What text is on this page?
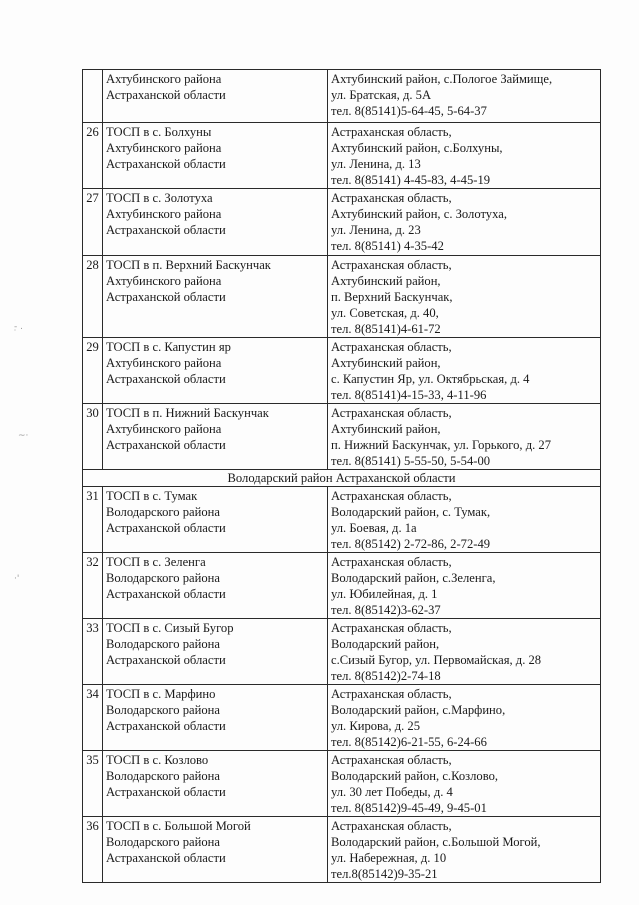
-̣ .
~·
·'

	Ахтубинского района
Астраханской области	Ахтубинский район, с.Пологое Займище,
ул. Братская, д. 5А
тел. 8(85141)5-64-45, 5-64-37

26	ТОСП в с. Болхуны
Ахтубинского района
Астраханской области	Астраханская область,
Ахтубинский район, с.Болхуны,
ул. Ленина, д. 13
тел. 8(85141) 4-45-83, 4-45-19

27	ТОСП в с. Золотуха
Ахтубинского района
Астраханской области	Астраханская область,
Ахтубинский район, с. Золотуха,
ул. Ленина, д. 23
тел. 8(85141) 4-35-42

28	ТОСП в п. Верхний Баскунчак
Ахтубинского района
Астраханской области	Астраханская область,
Ахтубинский район,
п. Верхний Баскунчак,
ул. Советская, д. 40,
тел. 8(85141)4-61-72

29	ТОСП в с. Капустин яр
Ахтубинского района
Астраханской области	Астраханская область,
Ахтубинский район,
с. Капустин Яр, ул. Октябрьская, д. 4
тел. 8(85141)4-15-33, 4-11-96

30	ТОСП в п. Нижний Баскунчак
Ахтубинского района
Астраханской области	Астраханская область,
Ахтубинский район,
п. Нижний Баскунчак, ул. Горького, д. 27
тел. 8(85141) 5-55-50, 5-54-00

Володарский район Астраханской области		
31	ТОСП в с. Тумак
Володарского района
Астраханской области	Астраханская область,
Володарский район, с. Тумак,
ул. Боевая, д. 1а
тел. 8(85142) 2-72-86, 2-72-49

32	ТОСП в с. Зеленга
Володарского района
Астраханской области	Астраханская область,
Володарский район, с.Зеленга,
ул. Юбилейная, д. 1
тел. 8(85142)3-62-37

33	ТОСП в с. Сизый Бугор
Володарского района
Астраханской области	Астраханская область,
Володарский район,
с.Сизый Бугор, ул. Первомайская, д. 28
тел. 8(85142)2-74-18

34	ТОСП в с. Марфино
Володарского района
Астраханской области	Астраханская область,
Володарский район, с.Марфино,
ул. Кирова, д. 25
тел. 8(85142)6-21-55, 6-24-66

35	ТОСП в с. Козлово
Володарского района
Астраханской области	Астраханская область,
Володарский район, с.Козлово,
ул. 30 лет Победы, д. 4
тел. 8(85142)9-45-49, 9-45-01

36	ТОСП в с. Большой Могой
Володарского района
Астраханской области	Астраханская область,
Володарский район, с.Большой Могой,
ул. Набережная, д. 10
тел.8(85142)9-35-21
